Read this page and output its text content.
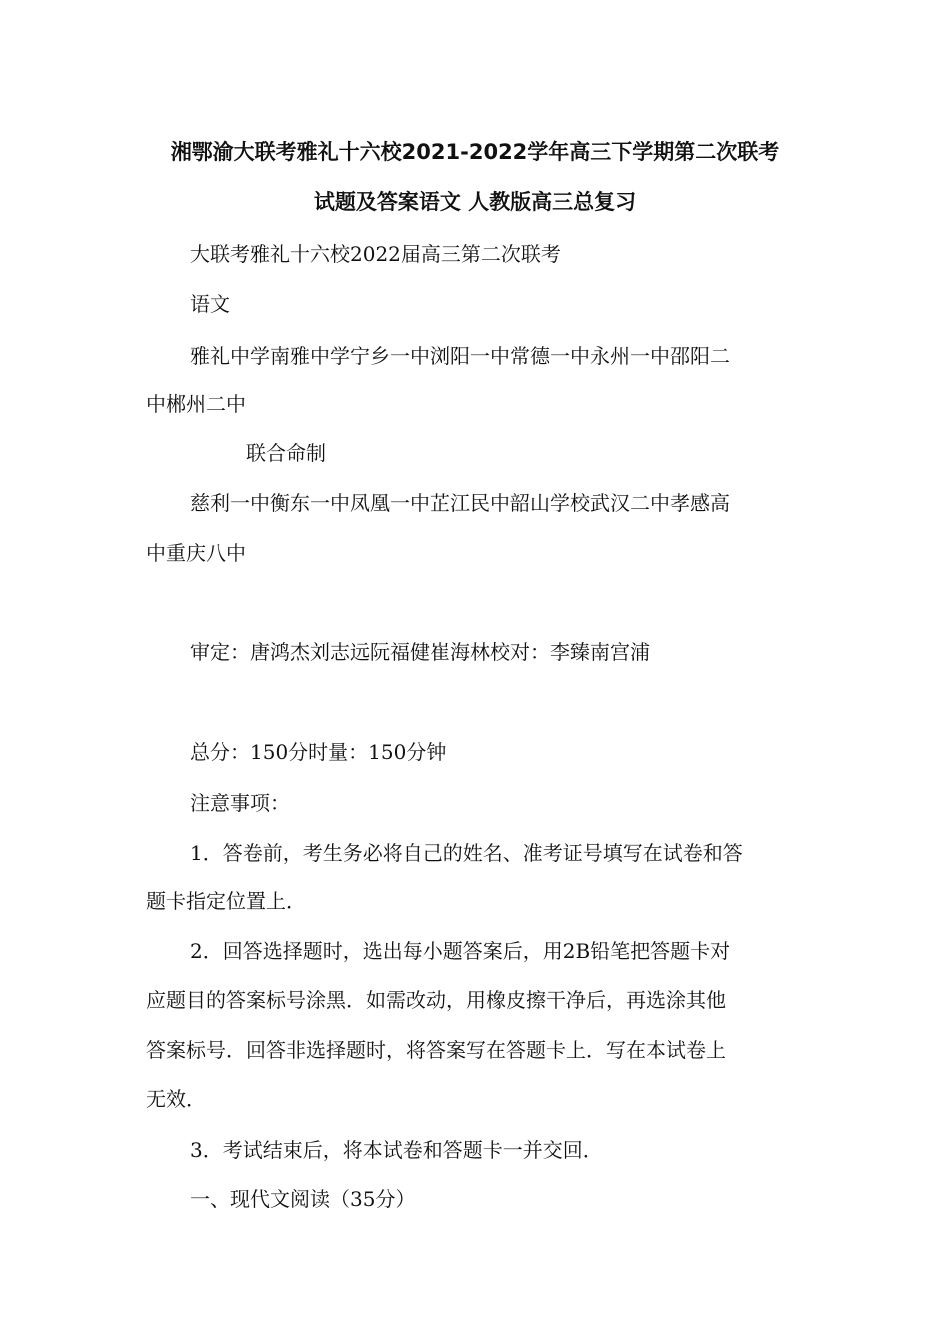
湘鄂渝大联考雅礼十六校2021-2022学年高三下学期第二次联考
试题及答案语文 人教版高三总复习
大联考雅礼十六校2022届高三第二次联考
语文
雅礼中学南雅中学宁乡一中浏阳一中常德一中永州一中邵阳二
中郴州二中
联合命制
慈利一中衡东一中凤凰一中芷江民中韶山学校武汉二中孝感高
中重庆八中
审定：唐鸿杰刘志远阮福健崔海林校对：李臻南宫浦
总分：150分时量：150分钟
注意事项：
1．答卷前，考生务必将自己的姓名、准考证号填写在试卷和答
题卡指定位置上．
2．回答选择题时，选出每小题答案后，用2B铅笔把答题卡对
应题目的答案标号涂黑．如需改动，用橡皮擦干净后，再选涂其他
答案标号．回答非选择题时，将答案写在答题卡上．写在本试卷上
无效．
3．考试结束后，将本试卷和答题卡一并交回．
一、现代文阅读（35分）
